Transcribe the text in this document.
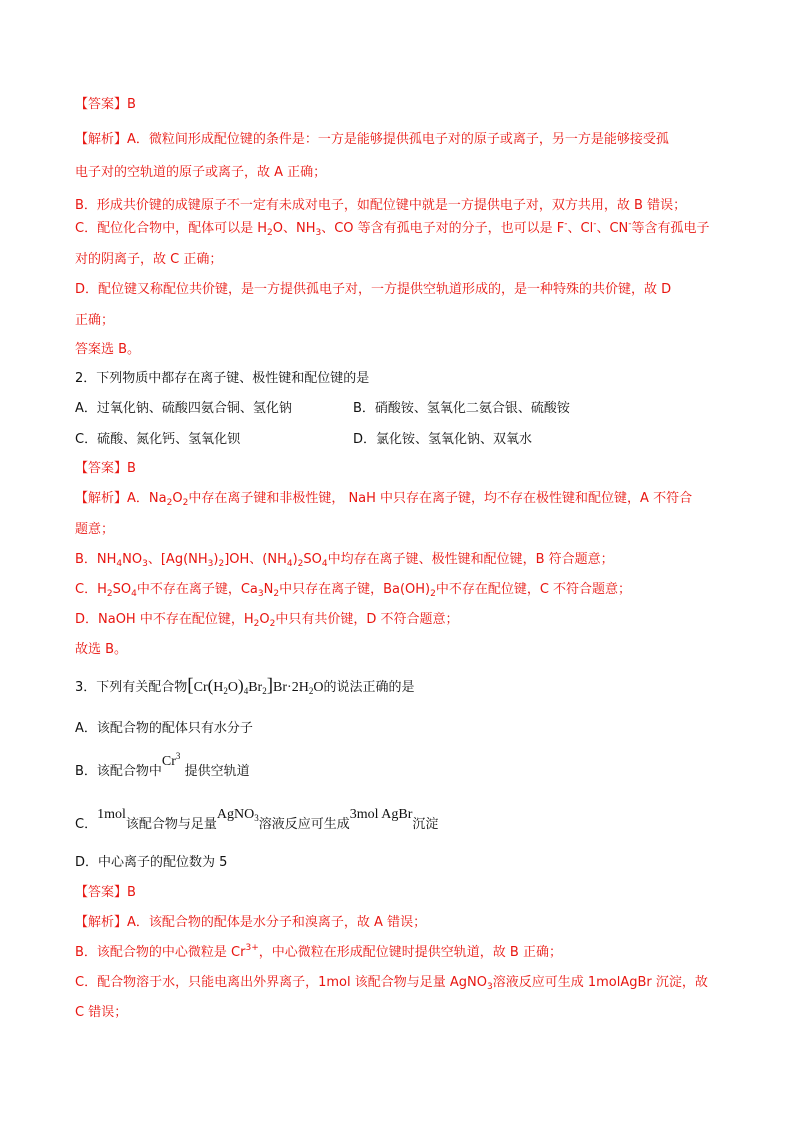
【答案】B
【解析】A．微粒间形成配位键的条件是：一方是能够提供孤电子对的原子或离子，另一方是能够接受孤
电子对的空轨道的原子或离子，故 A 正确；
B．形成共价键的成键原子不一定有未成对电子，如配位键中就是一方提供电子对，双方共用，故 B 错误；
C．配位化合物中，配体可以是 $H_2O$、$NH_3$、CO 等含有孤电子对的分子，也可以是 F-、Cl-、CN-等含有孤电子
对的阴离子，故 C 正确；
D．配位键又称配位共价键，是一方提供孤电子对，一方提供空轨道形成的，是一种特殊的共价键，故 D
正确；
答案选 B。
2．下列物质中都存在离子键、极性键和配位键的是
A．过氧化钠、硫酸四氨合铜、氢化钠	B．硝酸铵、氢氧化二氨合银、硫酸铵
C．硫酸、氮化钙、氢氧化钡	D．氯化铵、氢氧化钠、双氧水
【答案】B
【解析】A．$Na_2O_2$中存在离子键和非极性键， NaH 中只存在离子键，均不存在极性键和配位键，A 不符合
题意；
B．$NH_4NO_3$、$[Ag(NH_3)_2]OH$、$(NH_4)_2SO_4$中均存在离子键、极性键和配位键，B 符合题意；
C．$H_2SO_4$中不存在离子键，$Ca_3N_2$中只存在离子键，$Ba(OH)_2$中不存在配位键，C 不符合题意；
D．NaOH 中不存在配位键，$H_2O_2$中只有共价键，D 不符合题意；
故选 B。
3．下列有关配合物$[Cr(H_2O)_4Br_2]Br\cdot 2H_2O$的说法正确的是
A．该配合物的配体只有水分子
B．该配合物中Cr$^3$ 提供空轨道
C．1mol该配合物与足量AgNO$_3$溶液反应可生成3mol AgBr沉淀
D．中心离子的配位数为 5
【答案】B
【解析】A．该配合物的配体是水分子和溴离子，故 A 错误；
B．该配合物的中心微粒是 $Cr^{3+}$，中心微粒在形成配位键时提供空轨道，故 B 正确；
C．配合物溶于水，只能电离出外界离子，1mol 该配合物与足量 AgNO$_3$溶液反应可生成 1molAgBr 沉淀，故
C 错误；
